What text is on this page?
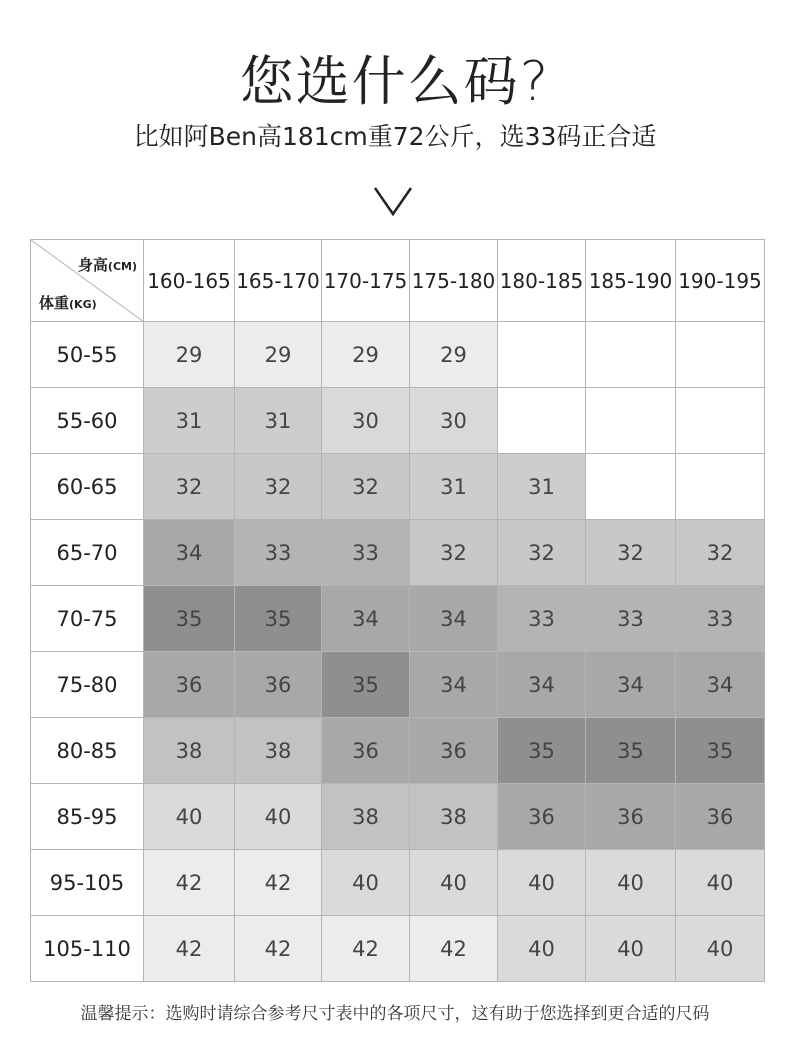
您选什么码?
比如阿Ben高181cm重72公斤，选33码正合适
身高(CM)
体重(KG)	160-165	165-170	170-175	175-180	180-185	185-190	190-195
50-55	29	29	29	29			
55-60	31	31	30	30			
60-65	32	32	32	31	31		
65-70	34	33	33	32	32	32	32
70-75	35	35	34	34	33	33	33
75-80	36	36	35	34	34	34	34
80-85	38	38	36	36	35	35	35
85-95	40	40	38	38	36	36	36
95-105	42	42	40	40	40	40	40
105-110	42	42	42	42	40	40	40
温馨提示：选购时请综合参考尺寸表中的各项尺寸，这有助于您选择到更合适的尺码
